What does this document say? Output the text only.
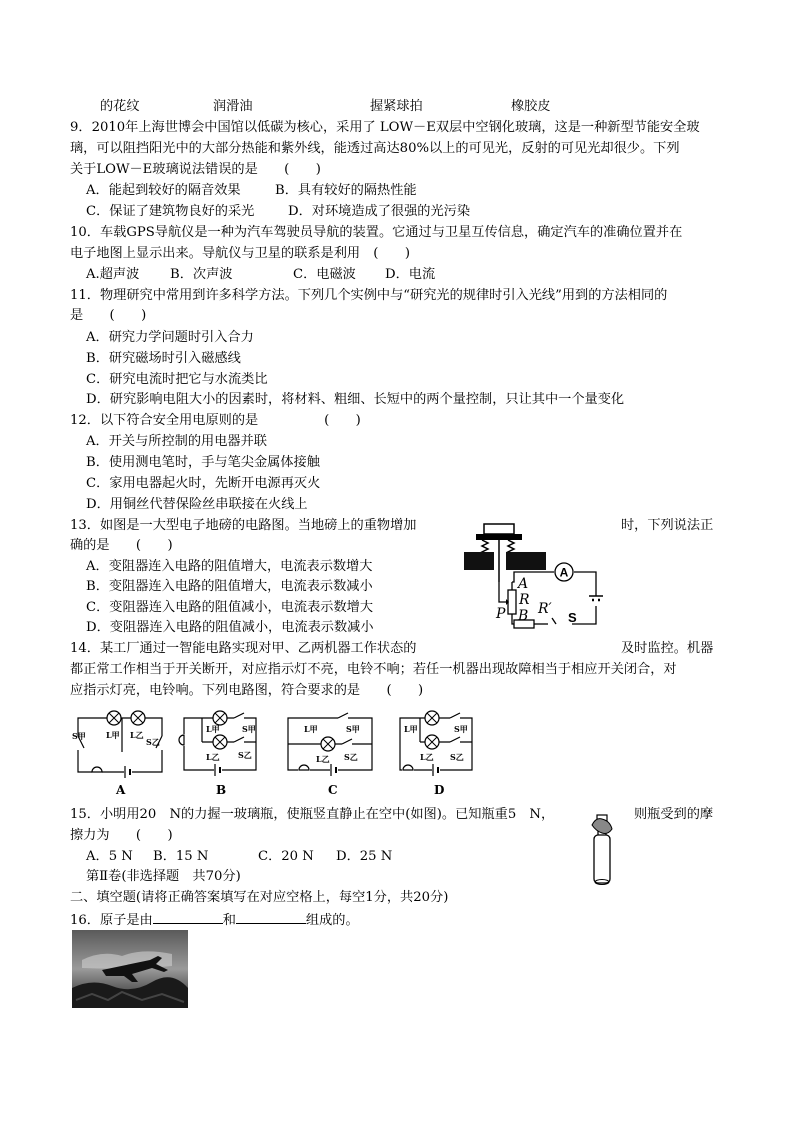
的花纹	润滑油	握紧球拍	橡胶皮
9．2010年上海世博会中国馆以低碳为核心，采用了 LOW－E双层中空钢化玻璃，这是一种新型节能安全玻
璃，可以阻挡阳光中的大部分热能和紫外线，能透过高达80%以上的可见光，反射的可见光却很少。下列
关于LOW－E玻璃说法错误的是　　(　　)
A．能起到较好的隔音效果	B．具有较好的隔热性能
C．保证了建筑物良好的采光	D．对环境造成了很强的光污染
10．车载GPS导航仪是一种为汽车驾驶员导航的装置。它通过与卫星互传信息，确定汽车的准确位置并在
电子地图上显示出来。导航仪与卫星的联系是利用　(　　)
A.超声波 B．次声波	C．电磁波 D．电流
11．物理研究中常用到许多科学方法。下列几个实例中与“研究光的规律时引入光线”用到的方法相同的
是　　(　　)
A．研究力学问题时引入合力
B．研究磁场时引入磁感线
C．研究电流时把它与水流类比
D．研究影响电阻大小的因素时，将材料、粗细、长短中的两个量控制，只让其中一个量变化
12．以下符合安全用电原则的是　　　　　(　　)
A．开关与所控制的用电器并联
B．使用测电笔时，手与笔尖金属体接触
C．家用电器起火时，先断开电源再灭火
D．用铜丝代替保险丝串联接在火线上
13．如图是一大型电子地磅的电路图。当地磅上的重物增加	时，下列说法正
确的是　　(　　)
A．变阻器连入电路的阻值增大，电流表示数增大
B．变阻器连入电路的阻值增大，电流表示数减小
C．变阻器连入电路的阻值减小，电流表示数增大
D．变阻器连入电路的阻值减小，电流表示数减小
A
A
R
P B R′
S
14．某工厂通过一智能电路实现对甲、乙两机器工作状态的	及时监控。机器
都正常工作相当于开关断开，对应指示灯不亮，电铃不响；若任一机器出现故障相当于相应开关闭合，对
应指示灯亮，电铃响。下列电路图，符合要求的是　　(　　)
S甲	L甲 L乙
S乙
A
L甲	S甲
L乙 S乙
B
L甲	S甲
L乙 S乙
C
L甲	S甲
L乙 S乙
D
15．小明用20　N的力握一玻璃瓶，使瓶竖直静止在空中(如图)。已知瓶重5　N，	则瓶受到的摩
擦力为　　(　　)
A．5 N B．15 N	C．20 N D．25 N
第Ⅱ卷(非选择题　共70分)
二、填空题(请将正确答案填写在对应空格上，每空1分，共20分)
16．原子是由	和	组成的。
